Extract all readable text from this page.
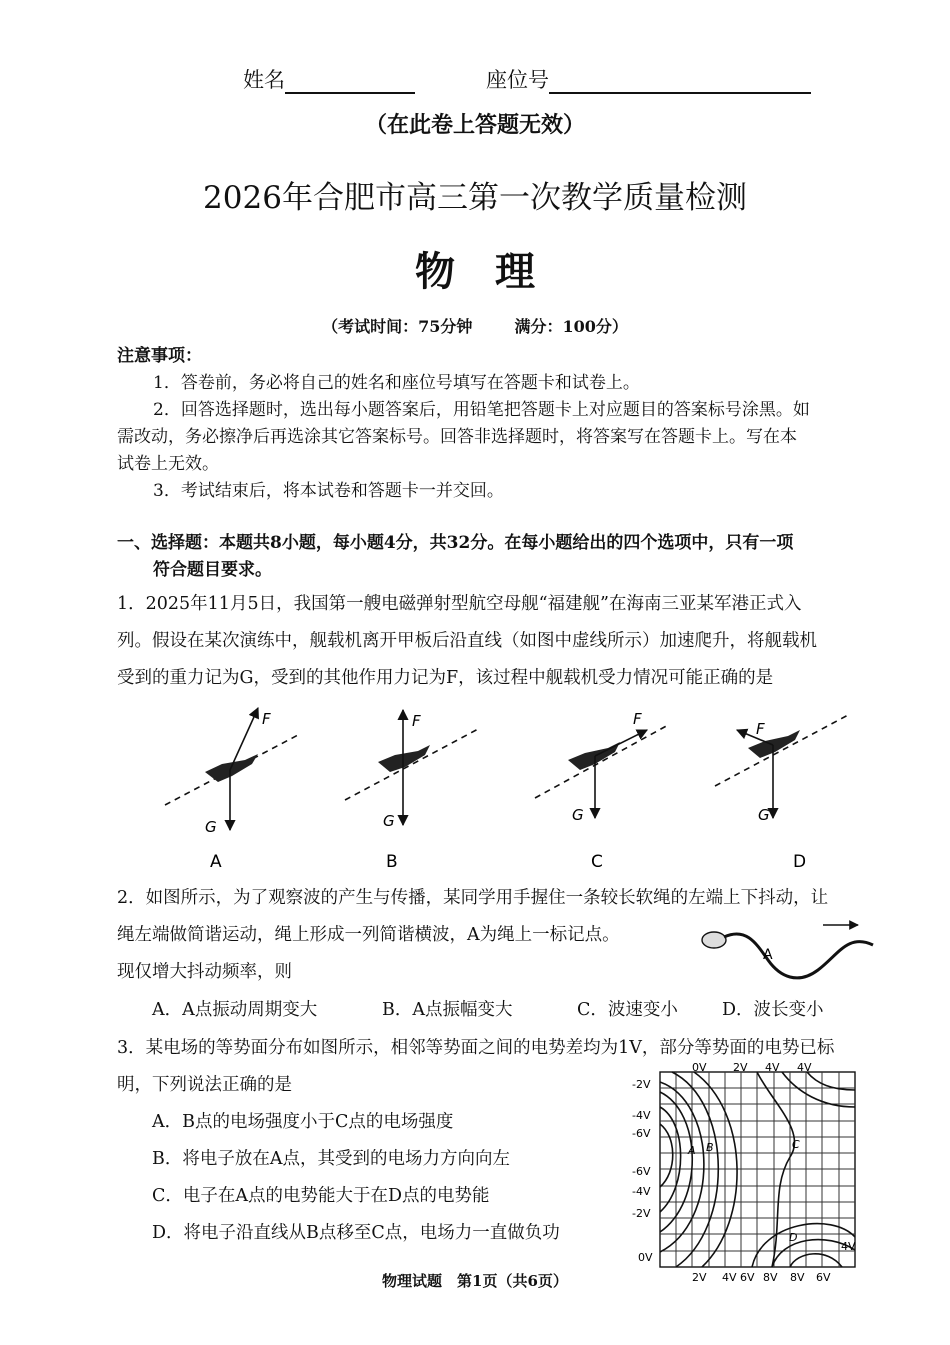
姓名	座位号
（在此卷上答题无效）
2026年合肥市高三第一次教学质量检测
物理
（考试时间：75分钟	满分：100分）
注意事项：
1．答卷前，务必将自己的姓名和座位号填写在答题卡和试卷上。
2．回答选择题时，选出每小题答案后，用铅笔把答题卡上对应题目的答案标号涂黑。如
需改动，务必擦净后再选涂其它答案标号。回答非选择题时，将答案写在答题卡上。写在本
试卷上无效。
3．考试结束后，将本试卷和答题卡一并交回。
一、选择题：本题共8小题，每小题4分，共32分。在每小题给出的四个选项中，只有一项
符合题目要求。
1．2025年11月5日，我国第一艘电磁弹射型航空母舰“福建舰”在海南三亚某军港正式入
列。假设在某次演练中，舰载机离开甲板后沿直线（如图中虚线所示）加速爬升，将舰载机
受到的重力记为G，受到的其他作用力记为F，该过程中舰载机受力情况可能正确的是
F
G
A
F
G
B
F
G
C
F
G
D
2．如图所示，为了观察波的产生与传播，某同学用手握住一条较长软绳的左端上下抖动，让
绳左端做简谐运动，绳上形成一列简谐横波，A为绳上一标记点。
现仅增大抖动频率，则
A
A．A点振动周期变大	B．A点振幅变大	C．波速变小	D．波长变小
3．某电场的等势面分布如图所示，相邻等势面之间的电势差均为1V，部分等势面的电势已标
明，下列说法正确的是
A．B点的电场强度小于C点的电场强度
B．将电子放在A点，其受到的电场力方向向左
C．电子在A点的电势能大于在D点的电势能
D．将电子沿直线从B点移至C点，电场力一直做负功
A B	C
D
0V 2V 4V 4V
-2V
-4V
-6V
-6V
-4V
-2V
0V
2V 4V 6V 8V 8V 6V
4V
物理试题　第1页（共6页）
